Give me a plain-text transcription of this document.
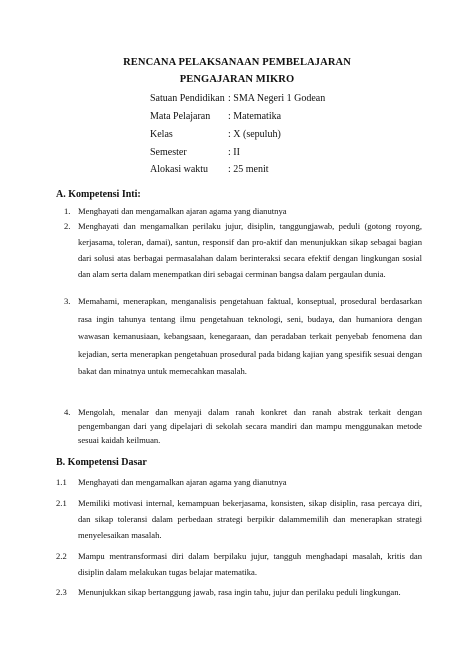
RENCANA PELAKSANAAN PEMBELAJARAN
PENGAJARAN MIKRO
Satuan Pendidikan : SMA Negeri 1 Godean
Mata Pelajaran : Matematika
Kelas	: X (sepuluh)
Semester	: II
Alokasi waktu : 25 menit
A. Kompetensi Inti:
1. Menghayati dan mengamalkan ajaran agama yang dianutnya
2. Menghayati dan mengamalkan perilaku jujur, disiplin, tanggungjawab, peduli (gotong royong, kerjasama, toleran, damai), santun, responsif dan pro-aktif dan menunjukkan sikap sebagai bagian dari solusi atas berbagai permasalahan dalam berinteraksi secara efektif dengan lingkungan sosial dan alam serta dalam menempatkan diri sebagai cerminan bangsa dalam pergaulan dunia.
3. Memahami, menerapkan, menganalisis pengetahuan faktual, konseptual, prosedural berdasarkan rasa ingin tahunya tentang ilmu pengetahuan teknologi, seni, budaya, dan humaniora dengan wawasan kemanusiaan, kebangsaan, kenegaraan, dan peradaban terkait penyebab fenomena dan kejadian, serta menerapkan pengetahuan prosedural pada bidang kajian yang spesifik sesuai dengan bakat dan minatnya untuk memecahkan masalah.
4. Mengolah, menalar dan menyaji dalam ranah konkret dan ranah abstrak terkait dengan pengembangan dari yang dipelajari di sekolah secara mandiri dan mampu menggunakan metode sesuai kaidah keilmuan.
B. Kompetensi Dasar
1.1 Menghayati dan mengamalkan ajaran agama yang dianutnya
2.1 Memiliki motivasi internal, kemampuan bekerjasama, konsisten, sikap disiplin, rasa percaya diri, dan sikap toleransi dalam perbedaan strategi berpikir dalammemilih dan menerapkan strategi menyelesaikan masalah.
2.2 Mampu mentransformasi diri dalam berpilaku jujur, tangguh menghadapi masalah, kritis dan disiplin dalam melakukan tugas belajar matematika.
2.3 Menunjukkan sikap bertanggung jawab, rasa ingin tahu, jujur dan perilaku peduli lingkungan.
